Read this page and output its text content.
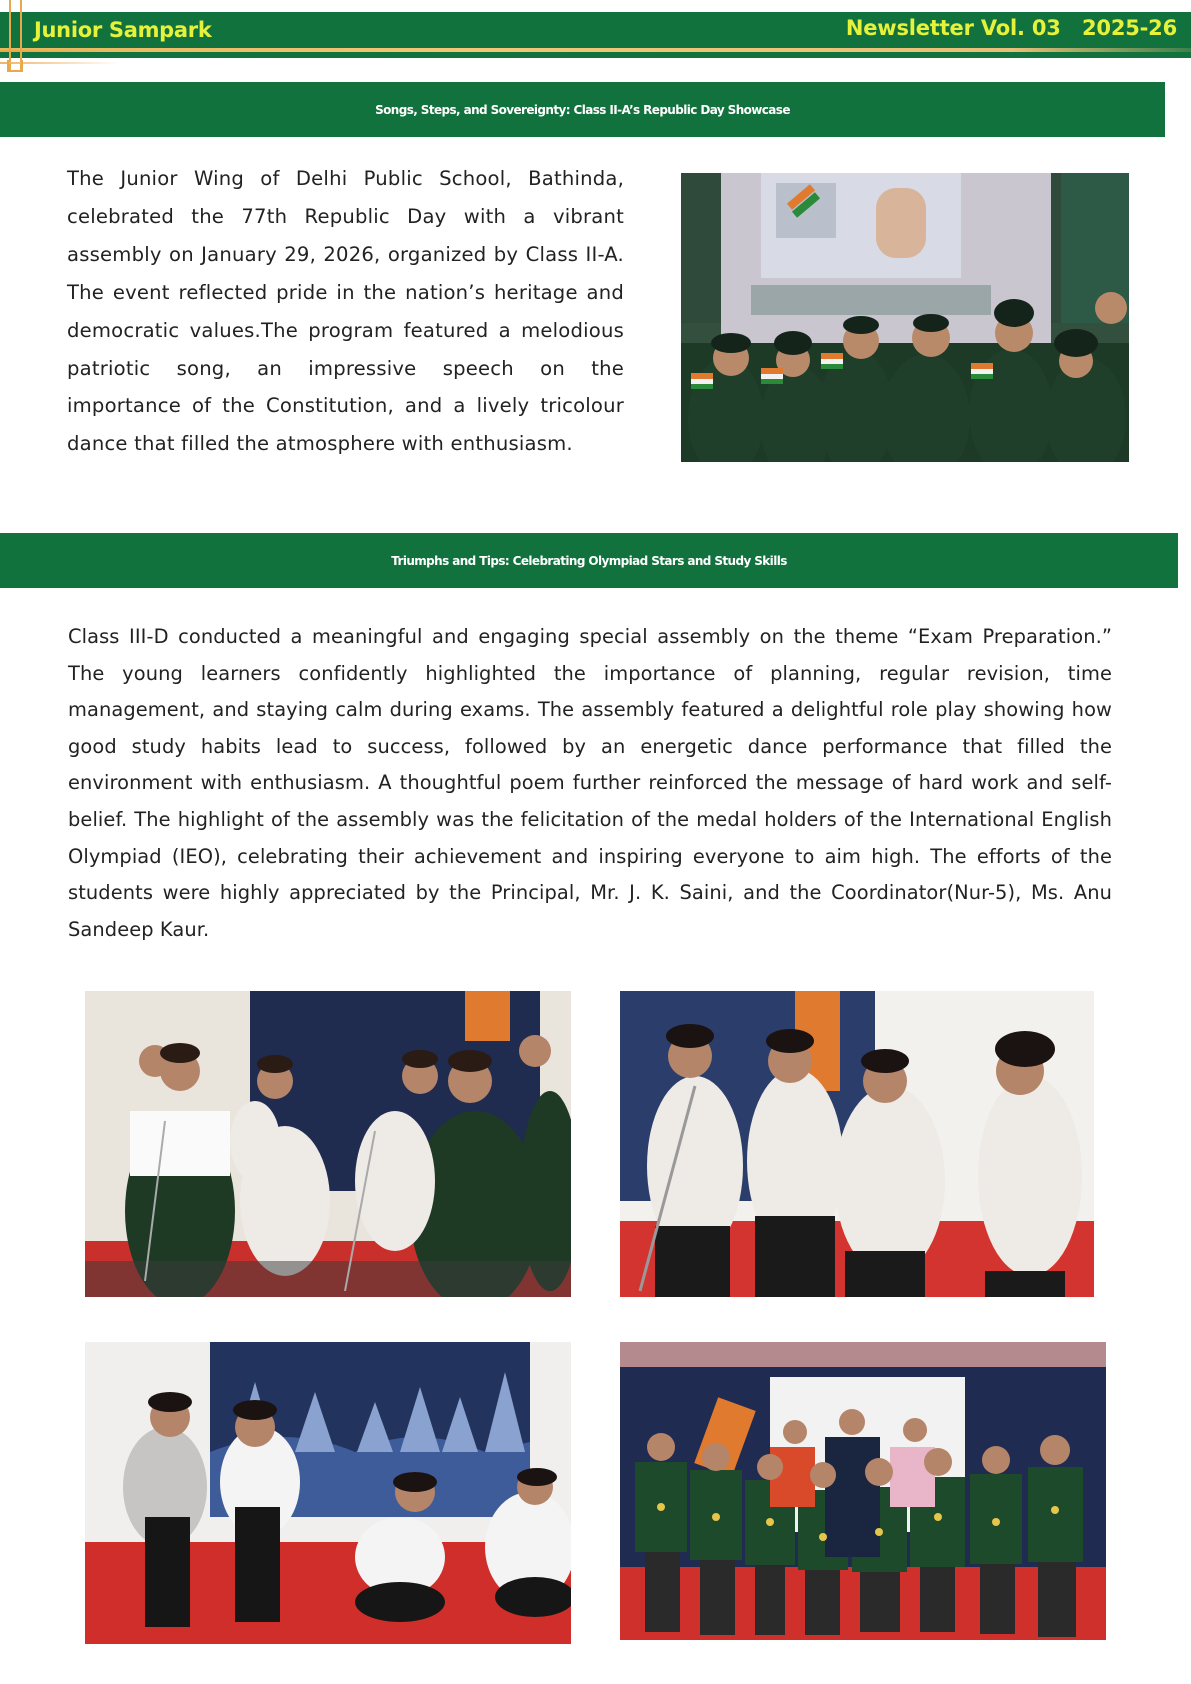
Junior Sampark	Newsletter Vol. 03   2025-26
Songs, Steps, and Sovereignty: Class II-A’s Republic Day Showcase

The Junior Wing of Delhi Public School, Bathinda, celebrated the 77th Republic Day with a vibrant assembly on January 29, 2026, organized by Class II-A. The event reflected pride in the nation’s heritage and democratic values.The program featured a melodious patriotic song, an impressive speech on the importance of the Constitution, and a lively tricolour dance that filled the atmosphere with enthusiasm.

Triumphs and Tips: Celebrating Olympiad Stars and Study Skills

Class III-D conducted a meaningful and engaging special assembly on the theme “Exam Preparation.” The young learners confidently highlighted the importance of planning, regular revision, time management, and staying calm during exams. The assembly featured a delightful role play showing how good study habits lead to success, followed by an energetic dance performance that filled the environment with enthusiasm. A thoughtful poem further reinforced the message of hard work and self-belief. The highlight of the assembly was the felicitation of the medal holders of the International English Olympiad (IEO), celebrating their achievement and inspiring everyone to aim high. The efforts of the students were highly appreciated by the Principal, Mr. J. K. Saini, and the Coordinator(Nur-5), Ms. Anu Sandeep Kaur.
